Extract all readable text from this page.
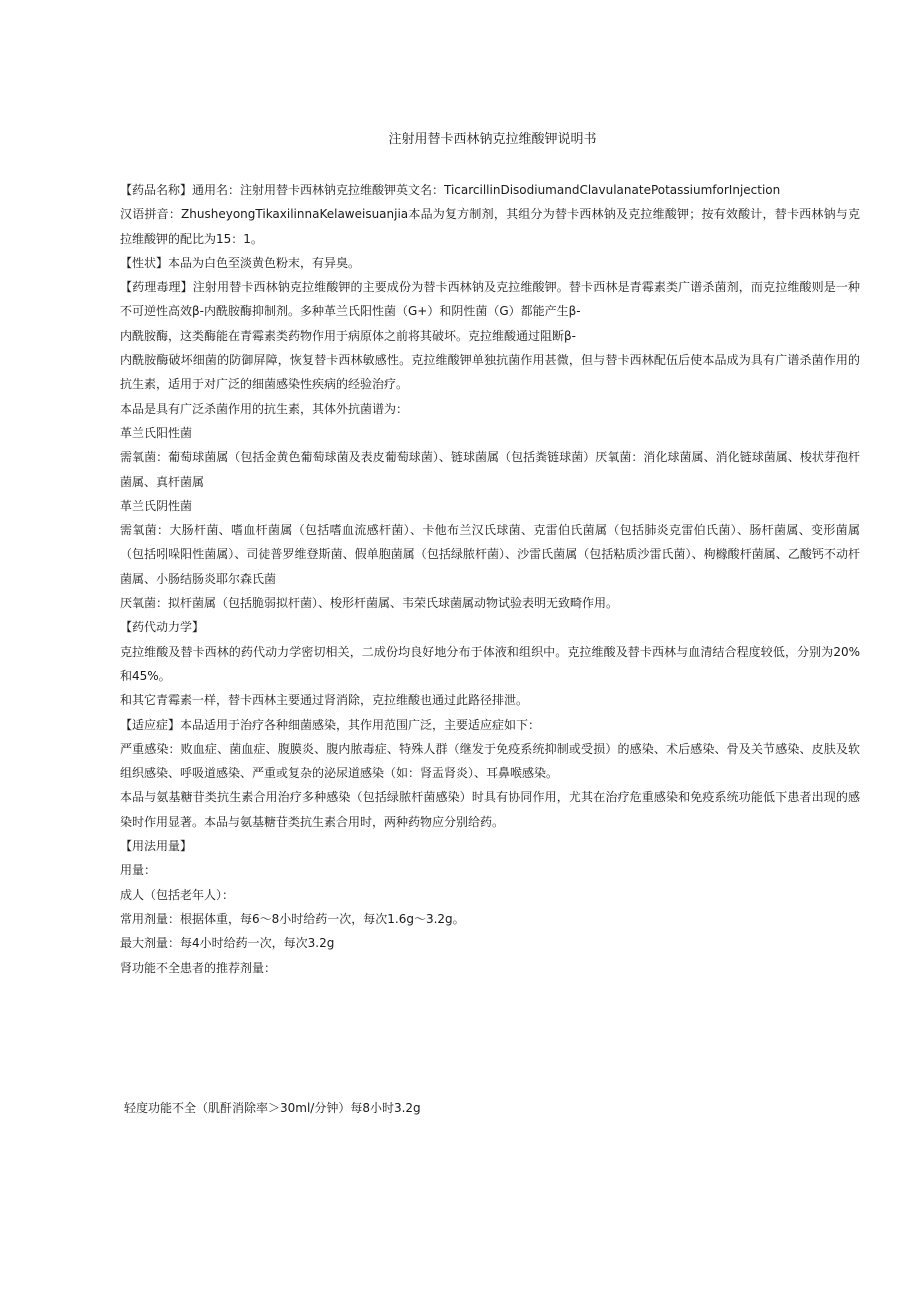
注射用替卡西林钠克拉维酸钾说明书

【药品名称】通用名：注射用替卡西林钠克拉维酸钾英文名：TicarcillinDisodiumandClavulanatePotassiumforInjection

汉语拼音：ZhusheyongTikaxilinnaKelaweisuanjia本品为复方制剂，其组分为替卡西林钠及克拉维酸钾；按有效酸计，替卡西林钠与克拉维酸钾的配比为15：1。

【性状】本品为白色至淡黄色粉末，有异臭。

【药理毒理】注射用替卡西林钠克拉维酸钾的主要成份为替卡西林钠及克拉维酸钾。替卡西林是青霉素类广谱杀菌剂，而克拉维酸则是一种不可逆性高效β-内酰胺酶抑制剂。多种革兰氏阳性菌（G+）和阴性菌（G）都能产生β-

内酰胺酶，这类酶能在青霉素类药物作用于病原体之前将其破坏。克拉维酸通过阻断β-

内酰胺酶破坏细菌的防御屏障，恢复替卡西林敏感性。克拉维酸钾单独抗菌作用甚微，但与替卡西林配伍后使本品成为具有广谱杀菌作用的抗生素，适用于对广泛的细菌感染性疾病的经验治疗。

本品是具有广泛杀菌作用的抗生素，其体外抗菌谱为：

革兰氏阳性菌

需氧菌：葡萄球菌属（包括金黄色葡萄球菌及表皮葡萄球菌）、链球菌属（包括粪链球菌）厌氧菌：消化球菌属、消化链球菌属、梭状芽孢杆菌属、真杆菌属

革兰氏阴性菌

需氧菌：大肠杆菌、嗜血杆菌属（包括嗜血流感杆菌）、卡他布兰汉氏球菌、克雷伯氏菌属（包括肺炎克雷伯氏菌）、肠杆菌属、变形菌属（包括吲哚阳性菌属）、司徒普罗维登斯菌、假单胞菌属（包括绿脓杆菌）、沙雷氏菌属（包括粘质沙雷氏菌）、枸橼酸杆菌属、乙酸钙不动杆菌属、小肠结肠炎耶尔森氏菌

厌氧菌：拟杆菌属（包括脆弱拟杆菌）、梭形杆菌属、韦荣氏球菌属动物试验表明无致畸作用。

【药代动力学】

克拉维酸及替卡西林的药代动力学密切相关，二成份均良好地分布于体液和组织中。克拉维酸及替卡西林与血清结合程度较低，分别为20%和45%。

和其它青霉素一样，替卡西林主要通过肾消除，克拉维酸也通过此路径排泄。

【适应症】本品适用于治疗各种细菌感染，其作用范围广泛，主要适应症如下：

严重感染：败血症、菌血症、腹膜炎、腹内脓毒症、特殊人群（继发于免疫系统抑制或受损）的感染、术后感染、骨及关节感染、皮肤及软组织感染、呼吸道感染、严重或复杂的泌尿道感染（如：肾盂肾炎）、耳鼻喉感染。

本品与氨基糖苷类抗生素合用治疗多种感染（包括绿脓杆菌感染）时具有协同作用，尤其在治疗危重感染和免疫系统功能低下患者出现的感染时作用显著。本品与氨基糖苷类抗生素合用时，两种药物应分别给药。

【用法用量】

用量：

成人（包括老年人）：

常用剂量：根据体重，每6～8小时给药一次，每次1.6g～3.2g。

最大剂量：每4小时给药一次，每次3.2g

肾功能不全患者的推荐剂量：

轻度功能不全（肌酐消除率＞30ml/分钟）每8小时3.2g
